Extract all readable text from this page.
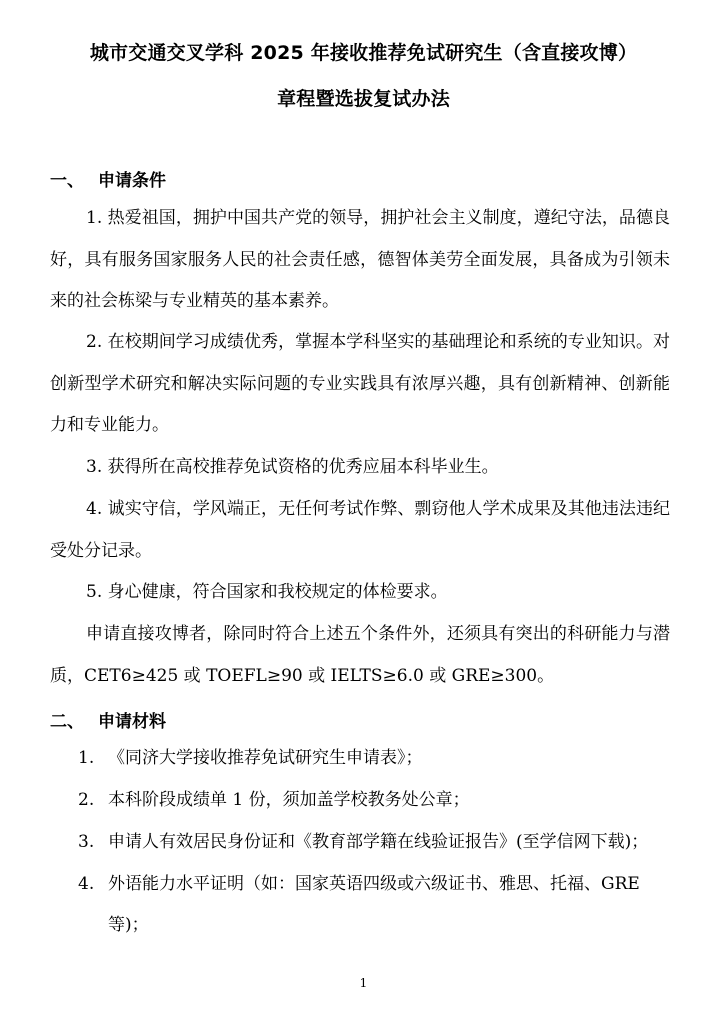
城市交通交叉学科 2025 年接收推荐免试研究生（含直接攻博）
章程暨选拔复试办法
一、 申请条件

1. 热爱祖国，拥护中国共产党的领导，拥护社会主义制度，遵纪守法，品德良好，具有服务国家服务人民的社会责任感，德智体美劳全面发展，具备成为引领未来的社会栋梁与专业精英的基本素养。

2. 在校期间学习成绩优秀，掌握本学科坚实的基础理论和系统的专业知识。对创新型学术研究和解决实际问题的专业实践具有浓厚兴趣，具有创新精神、创新能力和专业能力。

3. 获得所在高校推荐免试资格的优秀应届本科毕业生。

4. 诚实守信，学风端正，无任何考试作弊、剽窃他人学术成果及其他违法违纪受处分记录。

5. 身心健康，符合国家和我校规定的体检要求。

申请直接攻博者，除同时符合上述五个条件外，还须具有突出的科研能力与潜质，CET6≥425 或 TOEFL≥90 或 IELTS≥6.0 或 GRE≥300。

二、 申请材料
1. 《同济大学接收推荐免试研究生申请表》；
2. 本科阶段成绩单 1 份，须加盖学校教务处公章；
3. 申请人有效居民身份证和《教育部学籍在线验证报告》(至学信网下载)；
4. 外语能力水平证明（如：国家英语四级或六级证书、雅思、托福、GRE
等)；
1
